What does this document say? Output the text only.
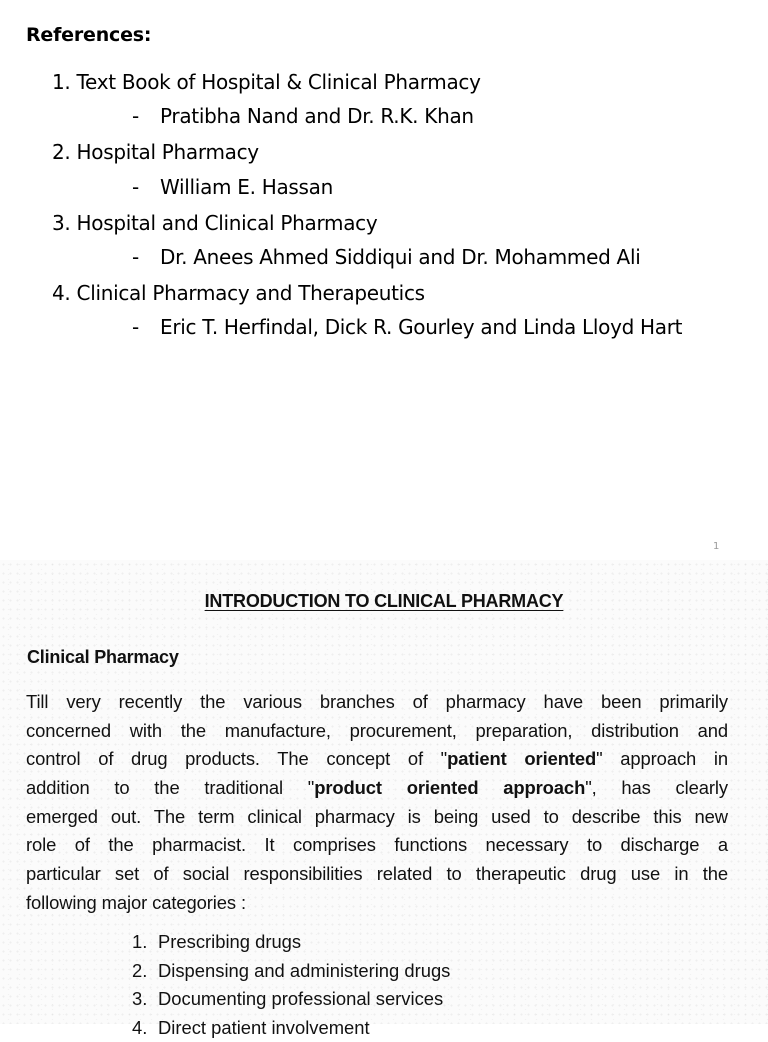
References:
1. Text Book of Hospital & Clinical Pharmacy
- Pratibha Nand and Dr. R.K. Khan
2. Hospital Pharmacy
- William E. Hassan
3. Hospital and Clinical Pharmacy
- Dr. Anees Ahmed Siddiqui and Dr. Mohammed Ali
4. Clinical Pharmacy and Therapeutics
- Eric T. Herfindal, Dick R. Gourley and Linda Lloyd Hart
1
INTRODUCTION TO CLINICAL PHARMACY
Clinical Pharmacy
Till very recently the various branches of pharmacy have been primarily
concerned with the manufacture, procurement, preparation, distribution and
control of drug products. The concept of "patient oriented" approach in
addition to the traditional "product oriented approach", has clearly
emerged out. The term clinical pharmacy is being used to describe this new
role of the pharmacist. It comprises functions necessary to discharge a
particular set of social responsibilities related to therapeutic drug use in the
following major categories :
1. Prescribing drugs
2. Dispensing and administering drugs
3. Documenting professional services
4. Direct patient involvement
